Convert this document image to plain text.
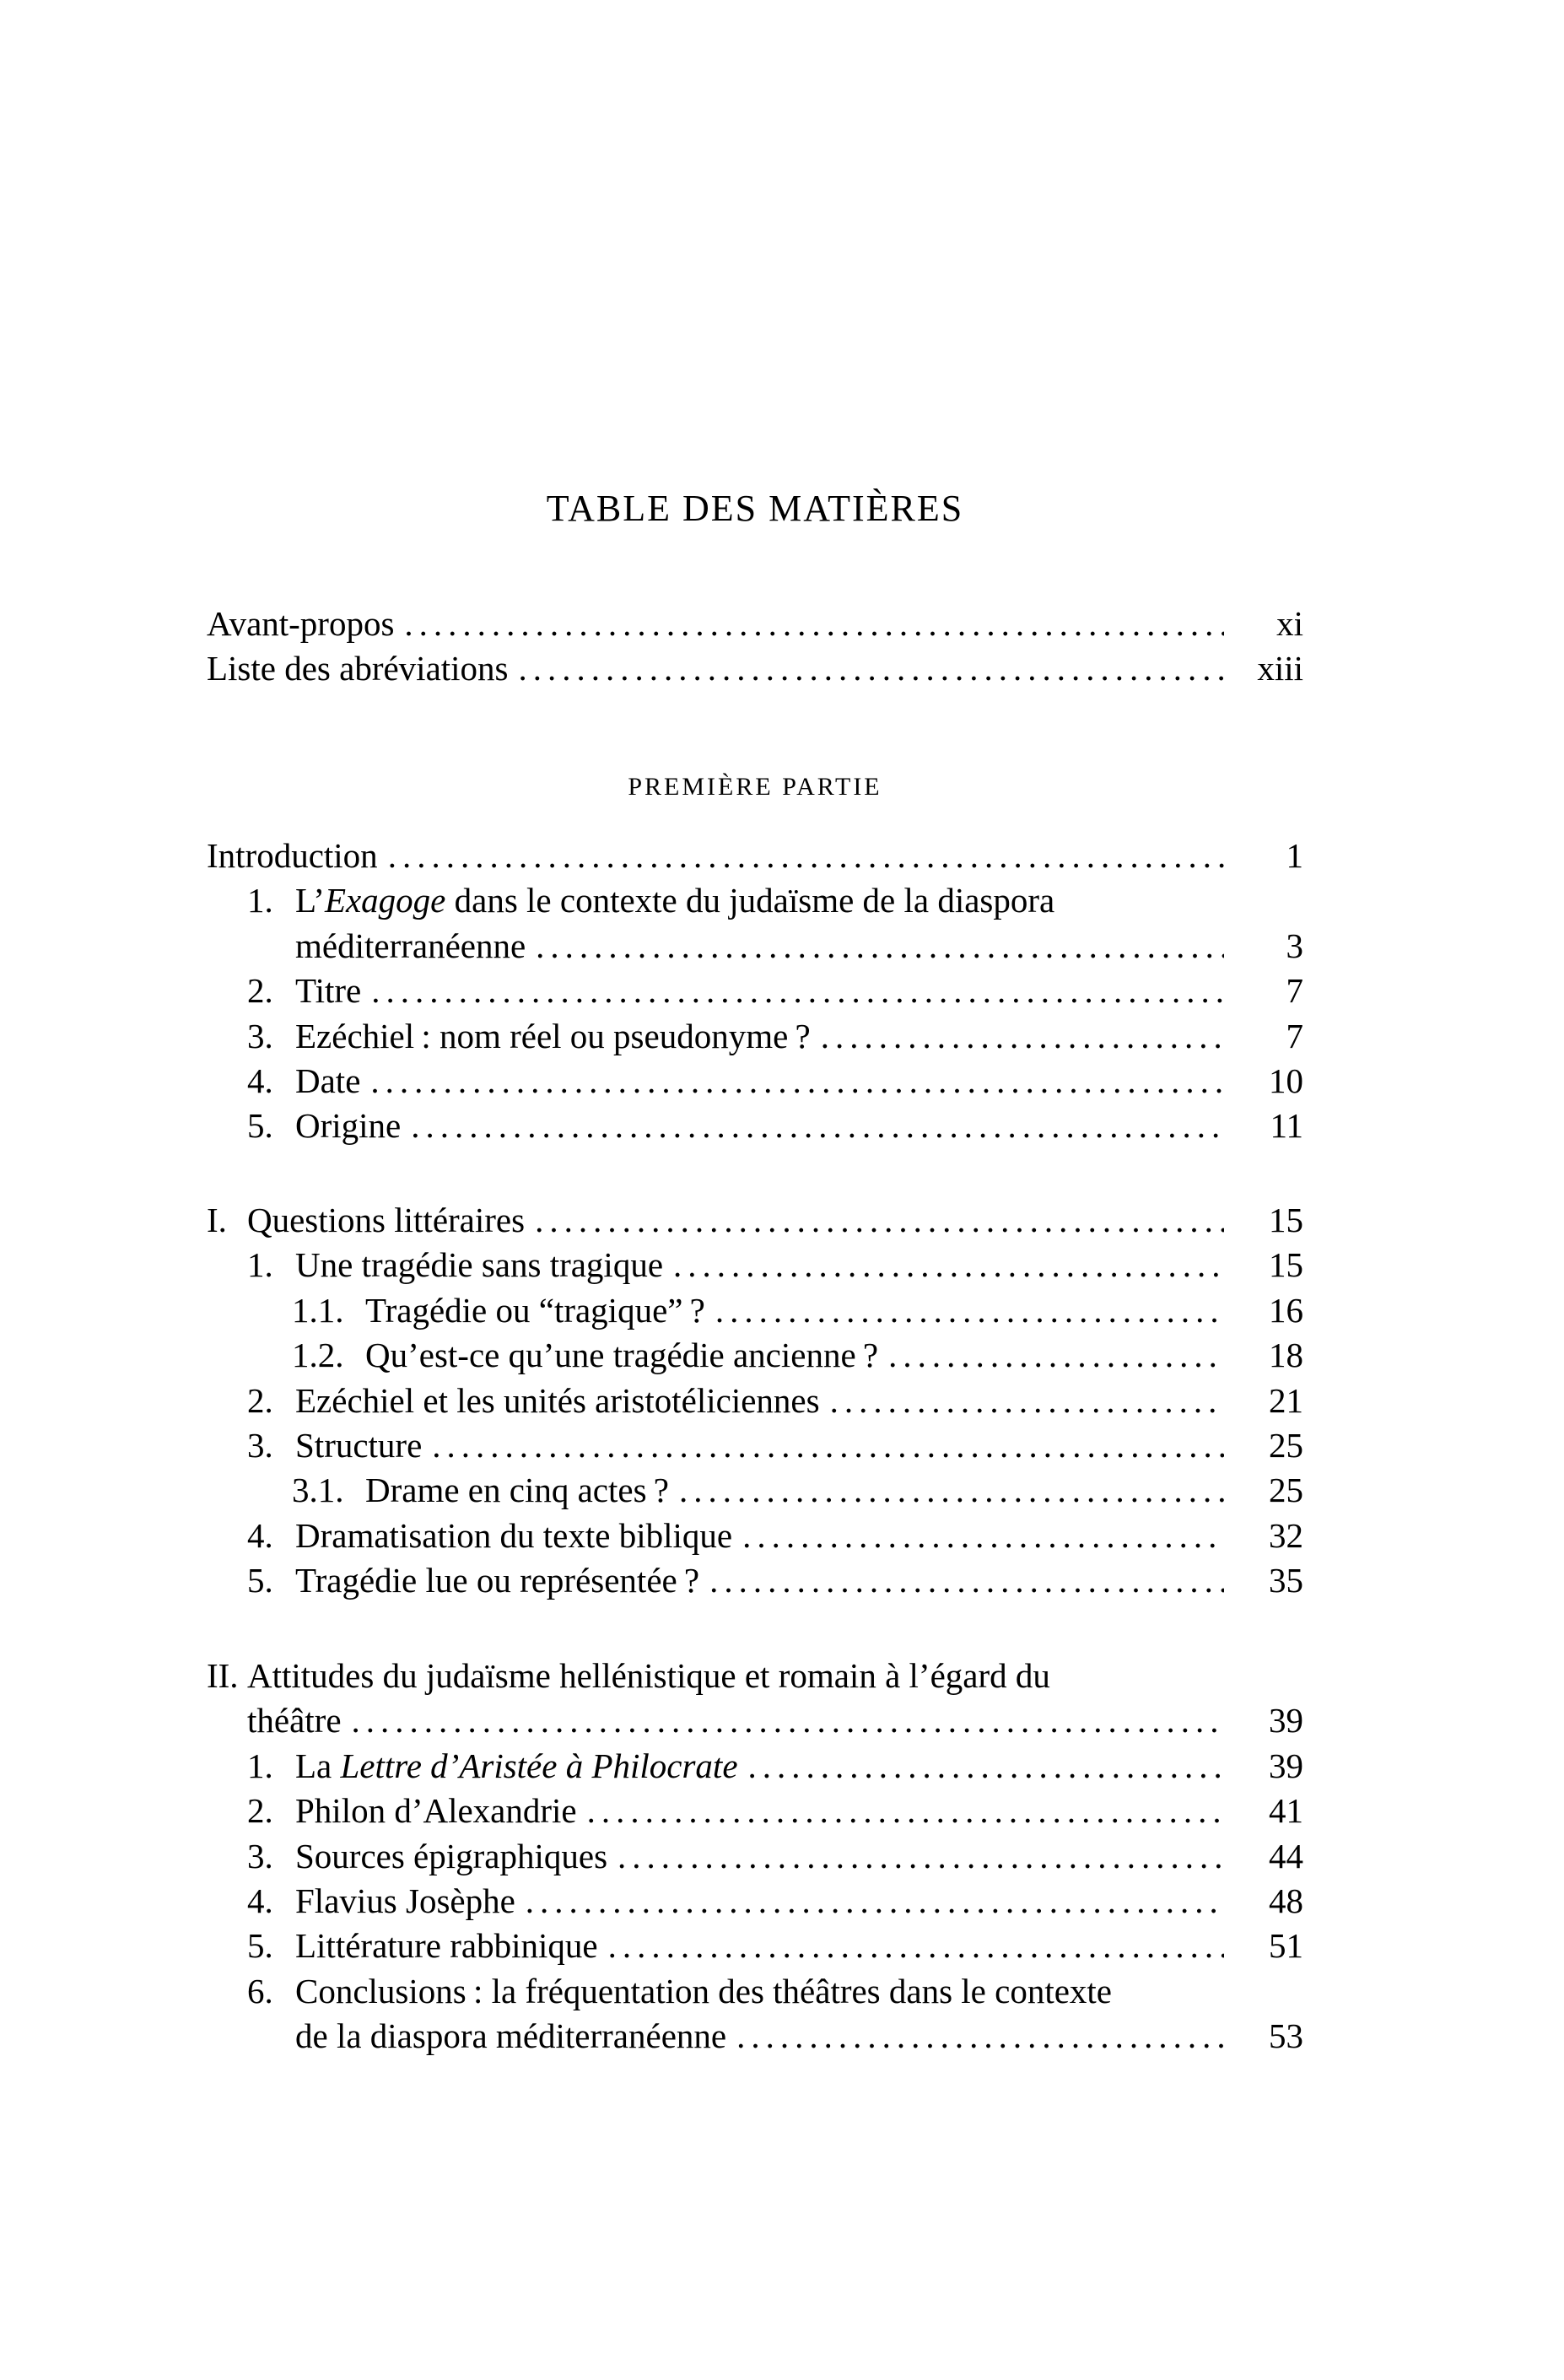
TABLE DES MATIÈRES
Avant-propos .....	xi
Liste des abréviations .....	xiii
PREMIÈRE PARTIE
Introduction .....	1
1. L’Exagoge dans le contexte du judaïsme de la diaspora
méditerranéenne .....	3
2. Titre .....	7
3. Ezéchiel : nom réel ou pseudonyme ? .....	7
4. Date .....	10
5. Origine .....	11
I. Questions littéraires .....	15
1. Une tragédie sans tragique .....	15
1.1. Tragédie ou “tragique” ? .....	16
1.2. Qu’est-ce qu’une tragédie ancienne ? .....	18
2. Ezéchiel et les unités aristotéliciennes .....	21
3. Structure .....	25
3.1. Drame en cinq actes ? .....	25
4. Dramatisation du texte biblique .....	32
5. Tragédie lue ou représentée ? .....	35
II. Attitudes du judaïsme hellénistique et romain à l’égard du
théâtre .....	39
1. La Lettre d’Aristée à Philocrate .....	39
2. Philon d’Alexandrie .....	41
3. Sources épigraphiques .....	44
4. Flavius Josèphe .....	48
5. Littérature rabbinique .....	51
6. Conclusions : la fréquentation des théâtres dans le contexte
de la diaspora méditerranéenne .....	53
